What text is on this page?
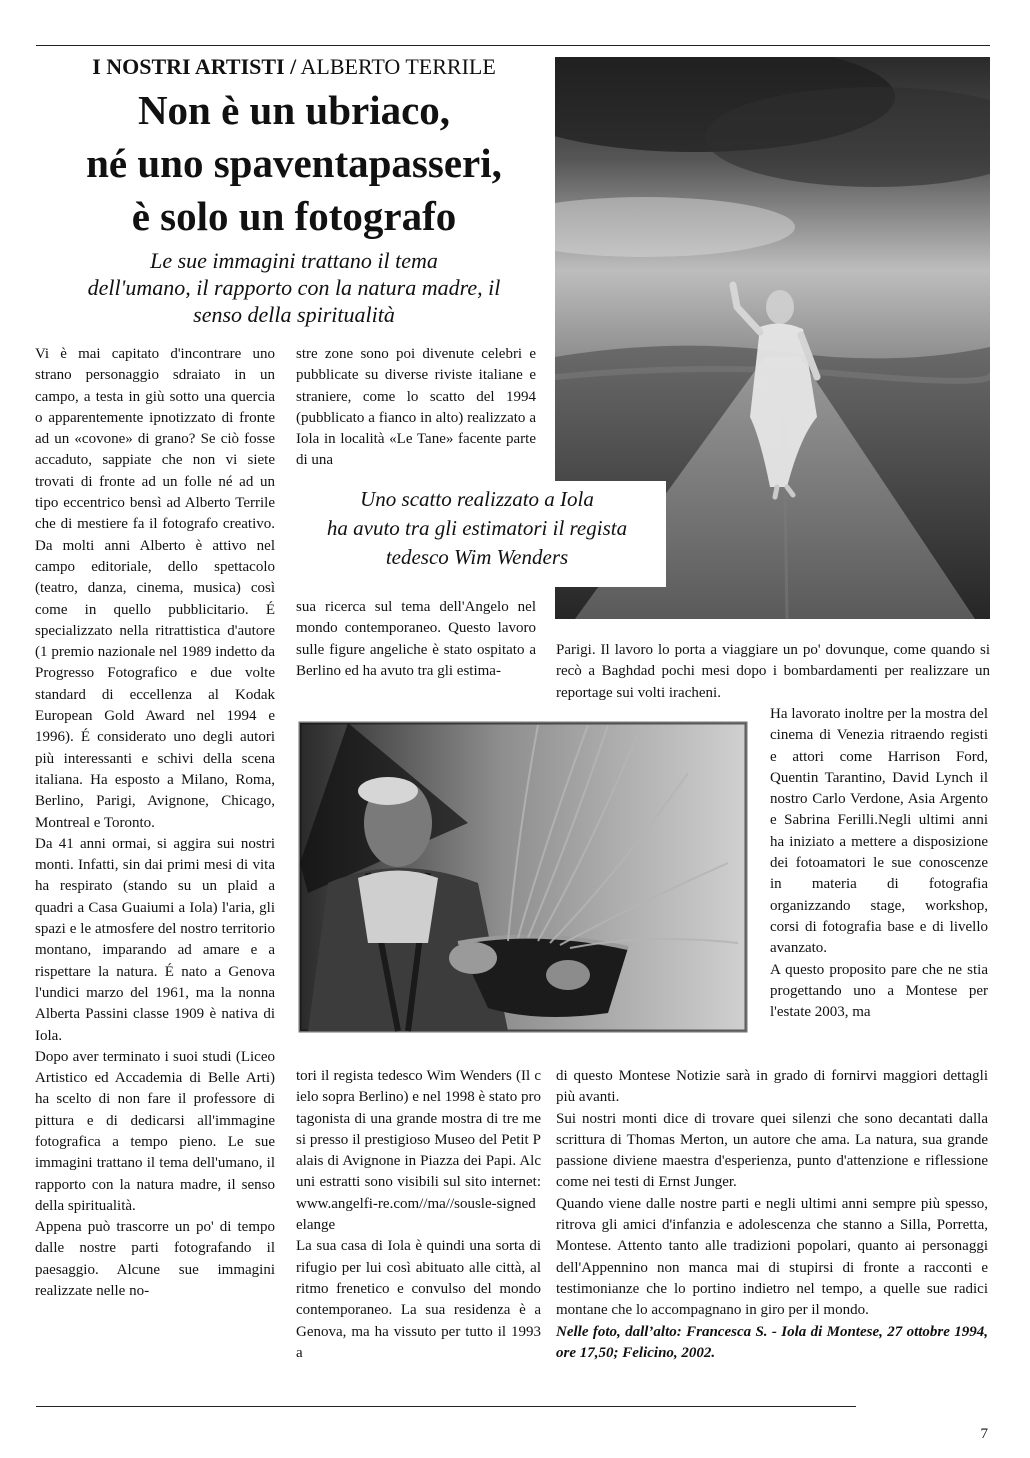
I NOSTRI ARTISTI / ALBERTO TERRILE
Non è un ubriaco,
né uno spaventapasseri,
è solo un fotografo
Le sue immagini trattano il tema
dell'umano, il rapporto con la natura madre, il
senso della spiritualità

Vi è mai capitato d'incontrare uno strano personaggio sdraiato in un campo, a testa in giù sotto una quercia o apparentemente ipnotizzato di fronte ad un «covone» di grano? Se ciò fosse accaduto, sappiate che non vi siete trovati di fronte ad un folle né ad un tipo eccentrico bensì ad Alberto Terrile che di mestiere fa il fotografo creativo. Da molti anni Alberto è attivo nel campo editoriale, dello spettacolo (teatro, danza, cinema, musica) così come in quello pubblicitario. É specializzato nella ritrattistica d'autore (1 premio nazionale nel 1989 indetto da Progresso Fotografico e due volte standard di eccellenza al Kodak European Gold Award nel 1994 e 1996). É considerato uno degli autori più interessanti e schivi della scena italiana. Ha esposto a Milano, Roma, Berlino, Parigi, Avignone, Chicago, Montreal e Toronto.

Da 41 anni ormai, si aggira sui nostri monti. Infatti, sin dai primi mesi di vita ha respirato (stando su un plaid a quadri a Casa Guaiumi a Iola) l'aria, gli spazi e le atmosfere del nostro territorio montano, imparando ad amare e a rispettare la natura. É nato a Genova l'undici marzo del 1961, ma la nonna Alberta Passini classe 1909 è nativa di Iola.

Dopo aver terminato i suoi studi (Liceo Artistico ed Accademia di Belle Arti) ha scelto di non fare il professore di pittura e di dedicarsi all'immagine fotografica a tempo pieno. Le sue immagini trattano il tema dell'umano, il rapporto con la natura madre, il senso della spiritualità.

Appena può trascorre un po' di tempo dalle nostre parti fotografando il paesaggio. Alcune sue immagini realizzate nelle no-

stre zone sono poi divenute celebri e pubblicate su diverse riviste italiane e straniere, come lo scatto del 1994 (pubblicato a fianco in alto) realizzato a Iola in località «Le Tane» facente parte di una

Uno scatto realizzato a Iola
ha avuto tra gli estimatori il regista
tedesco Wim Wenders

sua ricerca sul tema dell'Angelo nel mondo contemporaneo. Questo lavoro sulle figure angeliche è stato ospitato a Berlino ed ha avuto tra gli estima-

Parigi. Il lavoro lo porta a viaggiare un po' dovunque, come quando si recò a Baghdad pochi mesi dopo i bombardamenti per realizzare un reportage sui volti iracheni.

Ha lavorato inoltre per la mostra del cinema di Venezia ritraendo registi e attori come Harrison Ford, Quentin Tarantino, David Lynch il nostro Carlo Verdone, Asia Argento e Sabrina Ferilli.Negli ultimi anni ha iniziato a mettere a disposizione dei fotoamatori le sue conoscenze in materia di fotografia organizzando stage, workshop, corsi di fotografia base e di livello avanzato.

A questo proposito pare che ne stia progettando uno a Montese per l'estate 2003, ma

tori il regista tedesco Wim Wenders (Il cielo sopra Berlino) e nel 1998 è stato protagonista di una grande mostra di tre mesi presso il prestigioso Museo del Petit Palais di Avignone in Piazza dei Papi. Alcuni estratti sono visibili sul sito internet: www.angelfi-re.com//ma//sousle-signedelange

La sua casa di Iola è quindi una sorta di rifugio per lui così abituato alle città, al ritmo frenetico e convulso del mondo contemporaneo. La sua residenza è a Genova, ma ha vissuto per tutto il 1993 a

di questo Montese Notizie sarà in grado di fornirvi maggiori dettagli più avanti.

Sui nostri monti dice di trovare quei silenzi che sono decantati dalla scrittura di Thomas Merton, un autore che ama. La natura, sua grande passione diviene maestra d'esperienza, punto d'attenzione e riflessione come nei testi di Ernst Junger.

Quando viene dalle nostre parti e negli ultimi anni sempre più spesso, ritrova gli amici d'infanzia e adolescenza che stanno a Silla, Porretta, Montese. Attento tanto alle tradizioni popolari, quanto ai personaggi dell'Appennino non manca mai di stupirsi di fronte a racconti e testimonianze che lo portino indietro nel tempo, a quelle sue radici montane che lo accompagnano in giro per il mondo.

Nelle foto, dall’alto: Francesca S. - Iola di Montese, 27 ottobre 1994, ore 17,50; Felicino, 2002.

7
